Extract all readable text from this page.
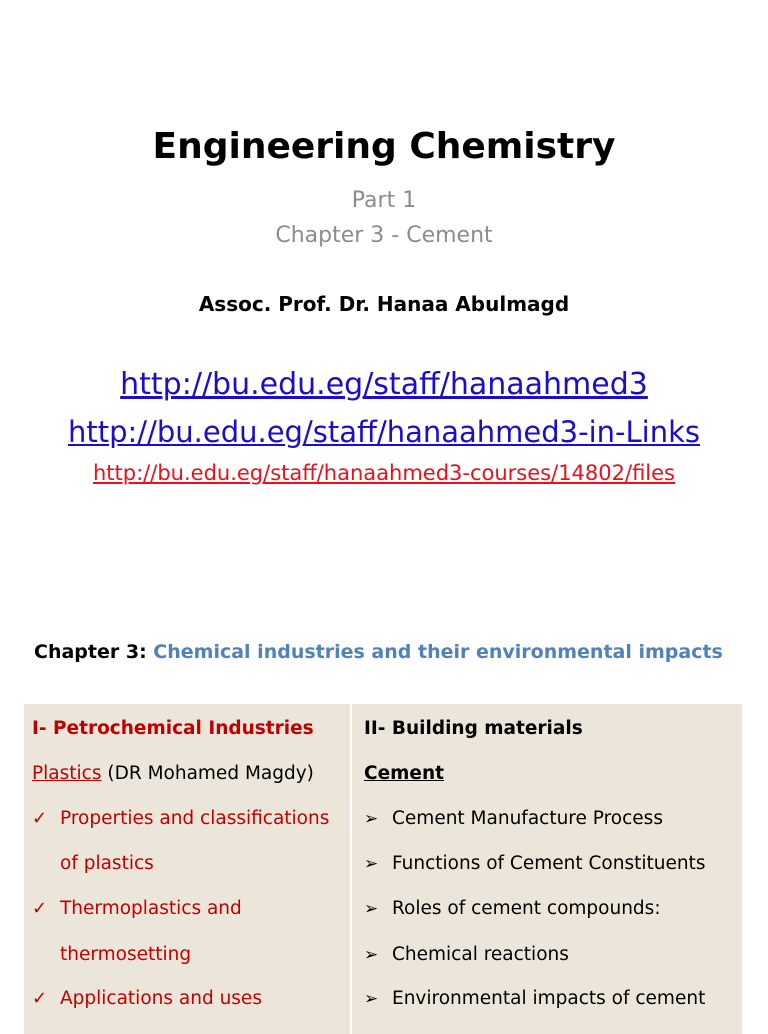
Engineering Chemistry
Part 1
Chapter 3 - Cement
Assoc. Prof. Dr. Hanaa Abulmagd
http://bu.edu.eg/staff/hanaahmed3
http://bu.edu.eg/staff/hanaahmed3-in-Links
http://bu.edu.eg/staff/hanaahmed3-courses/14802/files
Chapter 3: Chemical industries and their environmental impacts
I- Petrochemical Industries
Plastics (DR Mohamed Magdy)
✓ Properties and classifications
of plastics
✓ Thermoplastics and
thermosetting
✓ Applications and uses
II- Building materials
Cement
➢ Cement Manufacture Process
➢ Functions of Cement Constituents
➢ Roles of cement compounds:
➢ Chemical reactions
➢ Environmental impacts of cement
